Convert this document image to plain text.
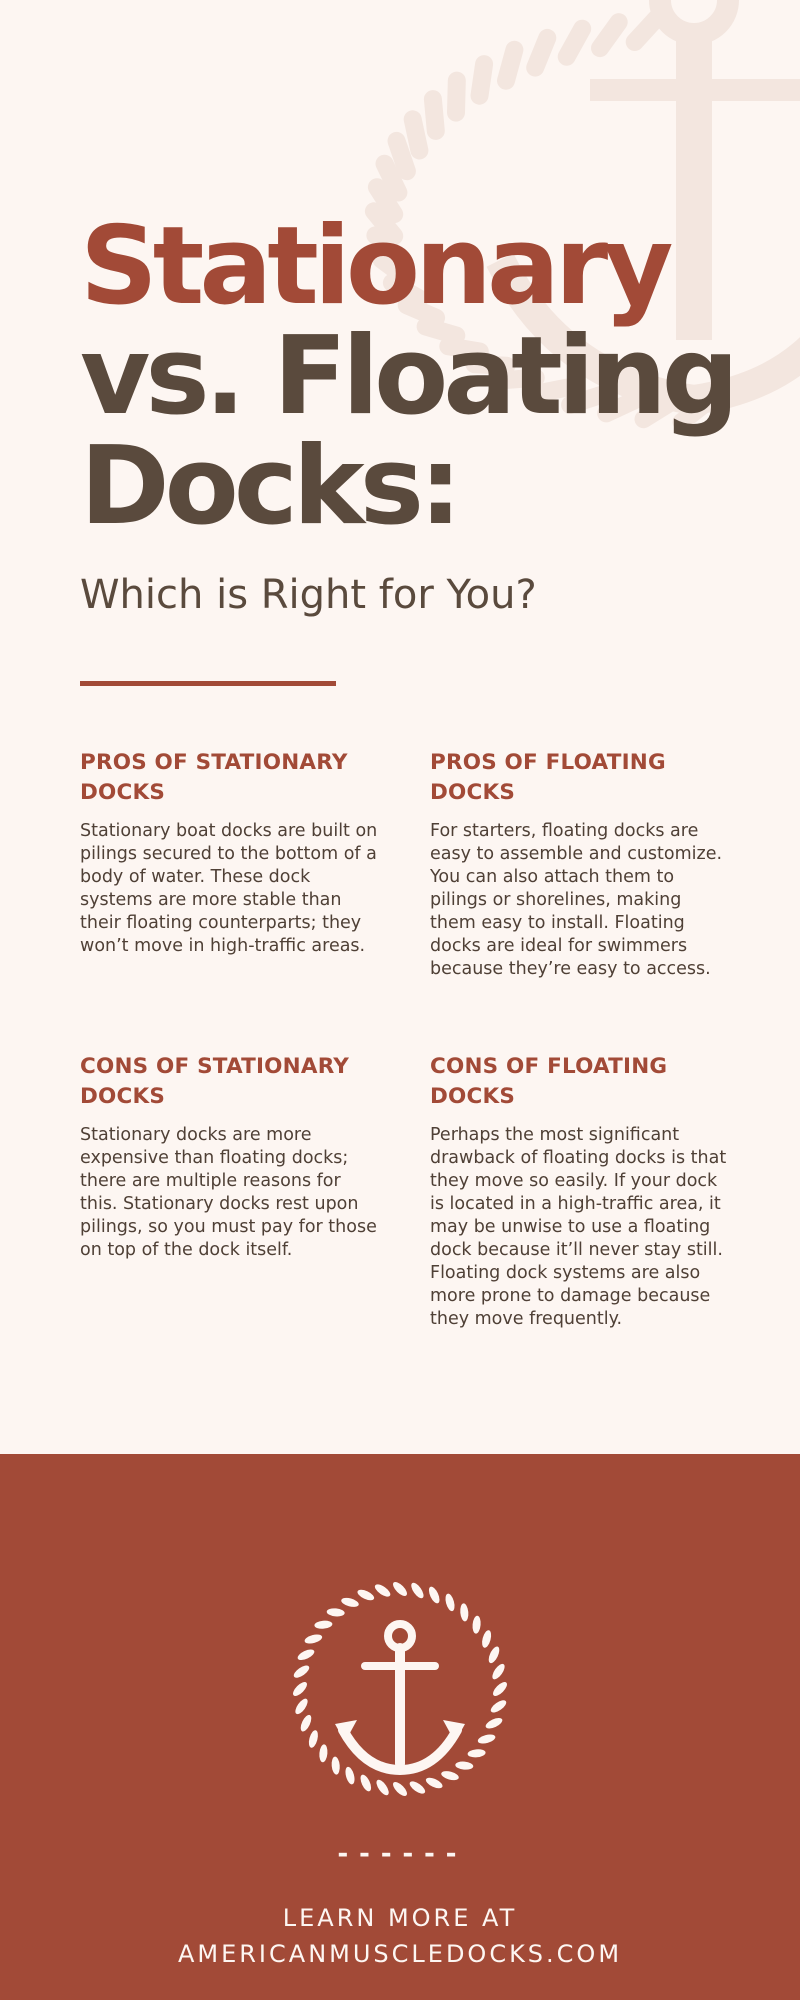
Stationary
vs. Floating
Docks:
Which is Right for You?
PROS OF STATIONARY DOCKS

Stationary boat docks are built on pilings secured to the bottom of a body of water. These dock systems are more stable than their floating counterparts; they won’t move in high-traffic areas.

PROS OF FLOATING DOCKS

For starters, floating docks are easy to assemble and customize. You can also attach them to pilings or shorelines, making them easy to install. Floating docks are ideal for swimmers because they’re easy to access.

CONS OF STATIONARY DOCKS

Stationary docks are more expensive than floating docks; there are multiple reasons for this. Stationary docks rest upon pilings, so you must pay for those on top of the dock itself.

CONS OF FLOATING DOCKS

Perhaps the most significant drawback of floating docks is that they move so easily. If your dock is located in a high-traffic area, it may be unwise to use a floating dock because it’ll never stay still. Floating dock systems are also more prone to damage because they move frequently.

------

LEARN MORE AT
AMERICANMUSCLEDOCKS.COM
